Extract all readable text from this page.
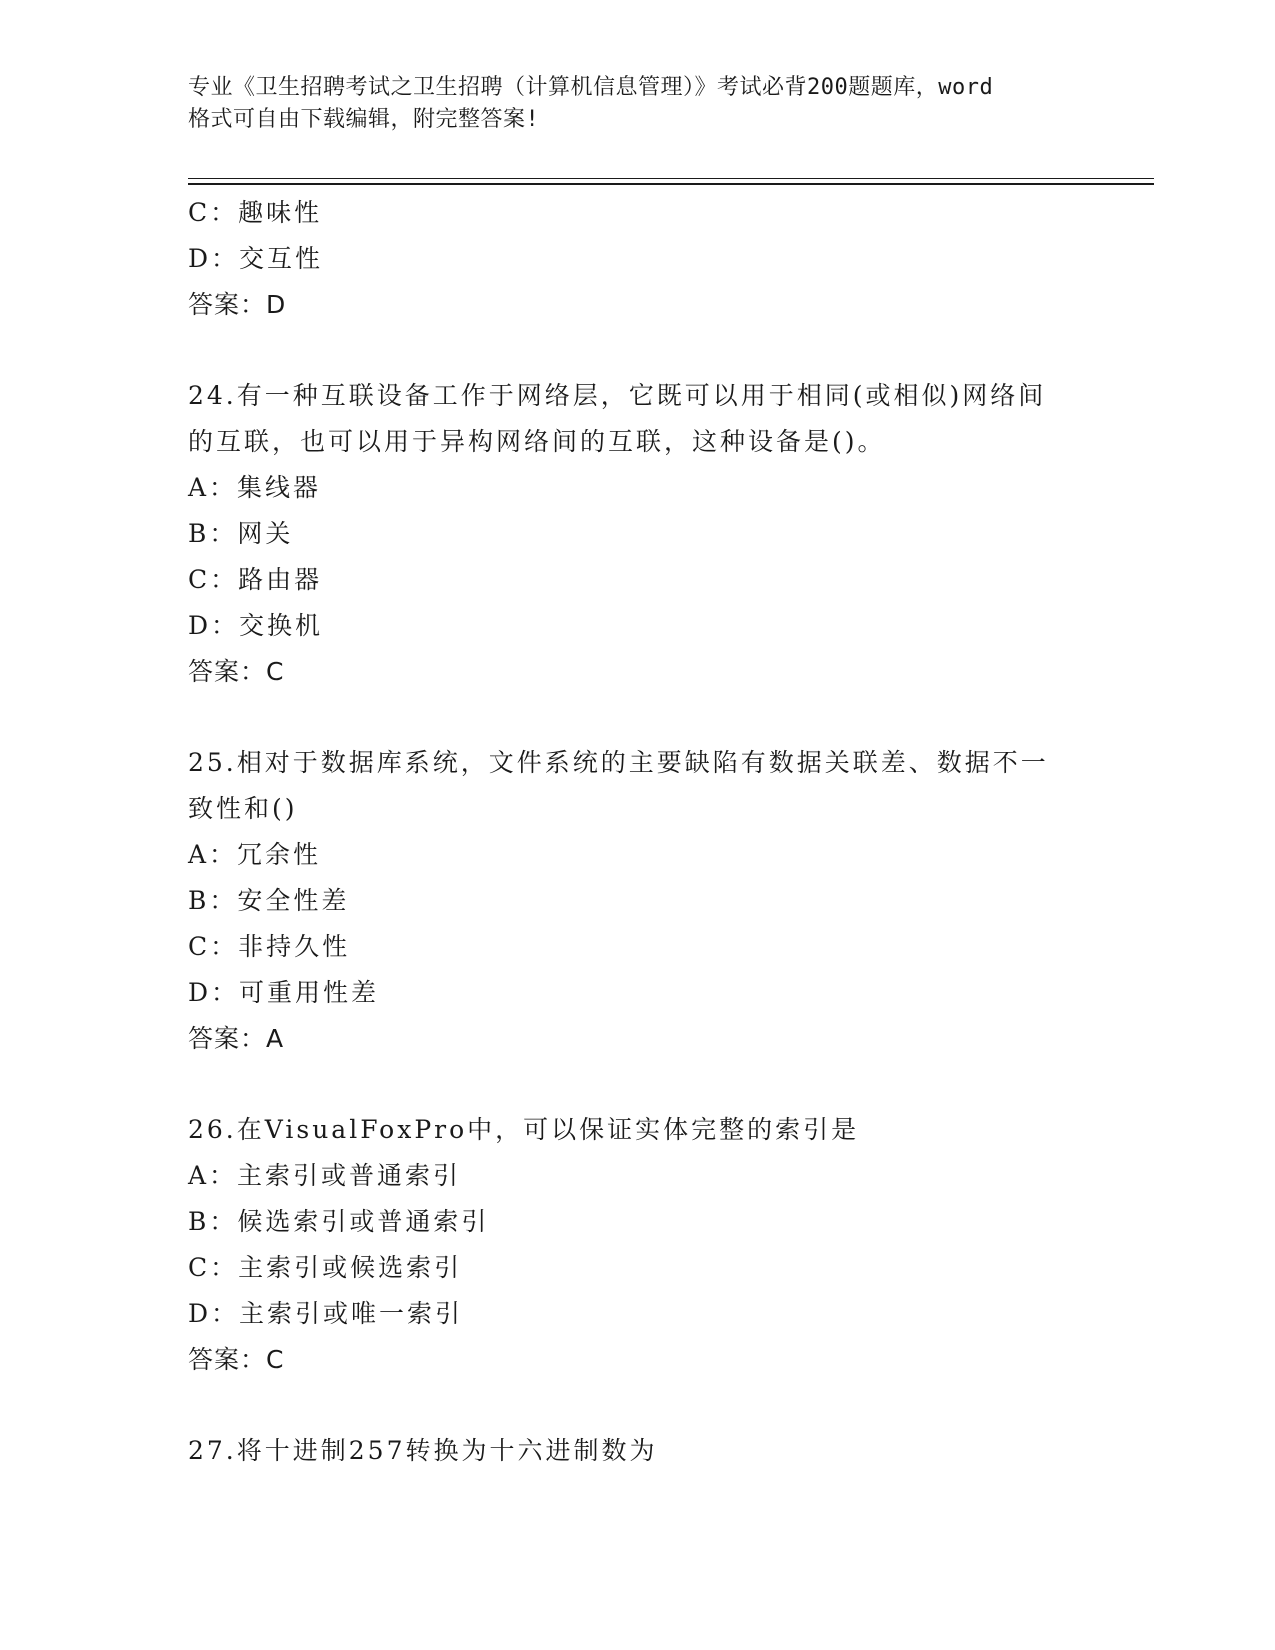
专业《卫生招聘考试之卫生招聘（计算机信息管理）》考试必背200题题库，word
格式可自由下载编辑，附完整答案!
C：趣味性
D：交互性
答案：D
24.有一种互联设备工作于网络层，它既可以用于相同(或相似)网络间
的互联，也可以用于异构网络间的互联，这种设备是()。
A：集线器
B：网关
C：路由器
D：交换机
答案：C
25.相对于数据库系统，文件系统的主要缺陷有数据关联差、数据不一
致性和()
A：冗余性
B：安全性差
C：非持久性
D：可重用性差
答案：A
26.在VisualFoxPro中，可以保证实体完整的索引是
A：主索引或普通索引
B：候选索引或普通索引
C：主索引或候选索引
D：主索引或唯一索引
答案：C
27.将十进制257转换为十六进制数为
